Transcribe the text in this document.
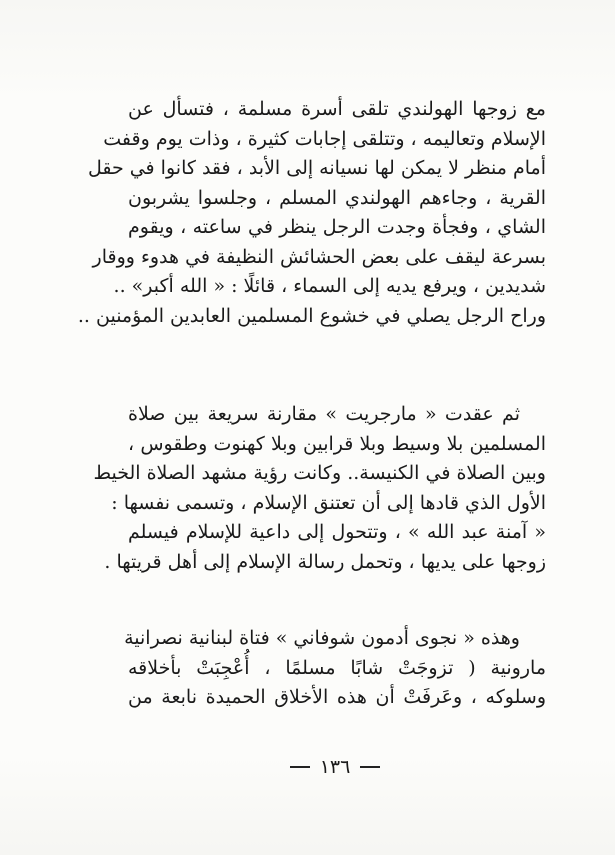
مع زوجها الهولندي تلقى أسرة مسلمة ، فتسأل عن
الإسلام وتعاليمه ، وتتلقى إجابات كثيرة ، وذات يوم وقفت
أمام منظر لا يمكن لها نسيانه إلى الأبد ، فقد كانوا في حقل
القرية ، وجاءهم الهولندي المسلم ، وجلسوا يشربون
الشاي ، وفجأة وجدت الرجل ينظر في ساعته ، ويقوم
بسرعة ليقف على بعض الحشائش النظيفة في هدوء ووقار
شديدين ، ويرفع يديه إلى السماء ، قائلًا : « الله أكبر» ..
وراح الرجل يصلي في خشوع المسلمين العابدين المؤمنين ..
ثم عقدت « مارجريت » مقارنة سريعة بين صلاة
المسلمين بلا وسيط وبلا قرابين وبلا كهنوت وطقوس ،
وبين الصلاة في الكنيسة.. وكانت رؤية مشهد الصلاة الخيط
الأول الذي قادها إلى أن تعتنق الإسلام ، وتسمى نفسها :
« آمنة عبد الله » ، وتتحول إلى داعية للإسلام فيسلم
زوجها على يديها ، وتحمل رسالة الإسلام إلى أهل قريتها .
وهذه « نجوى أدمون شوفاني » فتاة لبنانية نصرانية
مارونية ( تزوجَتْ شابًا مسلمًا ، أُعْجِبَتْ بأخلاقه
وسلوكه ، وعَرفَتْ أن هذه الأخلاق الحميدة نابعة من
١٣٦
